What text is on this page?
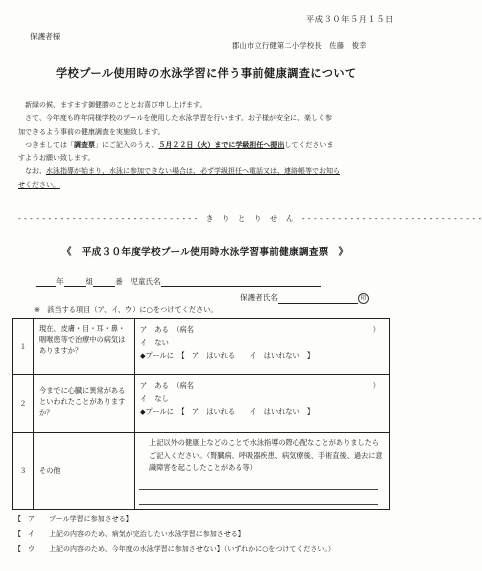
平成３０年５月１５日
保護者様
郡山市立行健第二小学校長　佐藤　俊幸
学校プール使用時の水泳学習に伴う事前健康調査について

　新緑の候、ますます御健勝のこととお喜び申し上げます。

　さて、今年度も昨年同様学校のプールを使用した水泳学習を行います。お子様が安全に、楽しく参

加できるよう事前の健康調査を実施致します。

　つきましては「調査票」にご記入のうえ、５月２２日（火）までに学級担任へ提出してくださいま

すようお願い致します。

　なお、水泳指導が始まり、水泳に参加できない場合は、必ず学級担任へ電話又は、連絡帳等でお知ら

せください。

- - - - - - - - - - - - - - - - - - - - - - - - - - - - - -　き　り　と　り　せ　ん　- - - - - - - - - - - - - - - - - - - - - - - - - - - - - -
《　平成３０年度学校プール使用時水泳学習事前健康調査票　》
年	組	番　 児童氏名
保護者氏名	印
※　該当する項目（ア、イ、ウ）に○をつけてください。
１	現在、皮膚・目・耳・鼻・咽喉患等で治療中の病気はありますか？	ア　ある　（病名 ）
イ　ない
◆プールに　【　ア　はいれる　　イ　はいれない　】

２	今までに心臓に異常があるといわれたことがありますか？	ア　ある　（病名 ）
イ　なし
◆プールに　【　ア　はいれる　　イ　はいれない　】

３	その他	上記以外の健康上などのことで水泳指導の際心配なことがありましたらご記入ください。（腎臓病、呼吸器疾患、病気療後、手術直後、過去に意識障害を起こしたことがある等）
【　ア　　プール学習に参加させる】
【　イ　　上記の内容のため、病気が完治したい水泳学習に参加させる】
【　ウ　　上記の内容のため、今年度の水泳学習に参加させない】（いずれかに○をつけてください。）
